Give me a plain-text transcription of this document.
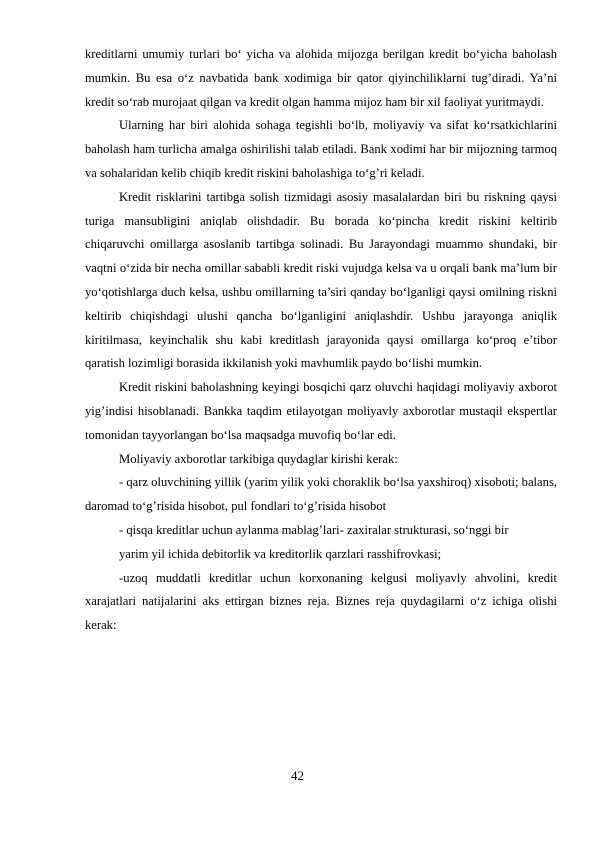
kreditlarni umumiy turlari bo‘ yicha va alohida mijozga berilgan kredit bo‘yicha baholash mumkin. Bu esa o‘z navbatida bank xodimiga bir qator qiyinchiliklarni tug’diradi. Ya’ni kredit so‘rab murojaat qilgan va kredit olgan hamma mijoz ham bir xil faoliyat yuritmaydi.

Ularning har biri alohida sohaga tegishli bo‘lb, moliyaviy va sifat ko‘rsatkichlarini baholash ham turlicha amalga oshirilishi talab etiladi. Bank xodimi har bir mijozning tarmoq va sohalaridan kelib chiqib kredit riskini baholashiga to‘g’ri keladi.

Kredit risklarini tartibga solish tizmidagi asosiy masalalardan biri bu riskning qaysi turiga mansubligini aniqlab olishdadir. Bu borada ko‘pincha kredit riskini keltirib chiqaruvchi omillarga asoslanib tartibga solinadi. Bu Jarayondagi muammo shundaki, bir vaqtni o‘zida bir necha omillar sababli kredit riski vujudga kelsa va u orqali bank ma’lum bir yo‘qotishlarga duch kelsa, ushbu omillarning ta’siri qanday bo‘lganligi qaysi omilning riskni keltirib chiqishdagi ulushi qancha bo‘lganligini aniqlashdir. Ushbu jarayonga aniqlik kiritilmasa, keyinchalik shu kabi kreditlash jarayonida qaysi omillarga ko‘proq e’tibor qaratish lozimligi borasida ikkilanish yoki mavhumlik paydo bo‘lishi mumkin.

Kredit riskini baholashning keyingi bosqichi qarz oluvchi haqidagi moliyaviy axborot yig’indisi hisoblanadi. Bankka taqdim etilayotgan moliyavly axborotlar mustaqil ekspertlar tomonidan tayyorlangan bo‘lsa maqsadga muvofiq bo‘lar edi.

Moliyaviy axborotlar tarkibiga quydaglar kirishi kerak:

- qarz oluvchining yillik (yarim yilik yoki choraklik bo‘lsa yaxshiroq) xisoboti; balans, daromad to‘g’risida hisobot, pul fondlari to‘g’risida hisobot

- qisqa kreditlar uchun aylanma mablag’lari- zaxiralar strukturasi, so‘nggi bir

yarim yil ichida debitorlik va kreditorlik qarzlari rasshifrovkasi;

-uzoq muddatli kreditlar uchun korxonaning kelgusi moliyavly ahvolini, kredit xarajatlari natijalarini aks ettirgan biznes reja. Biznes reja quydagilarni o‘z ichiga olishi kerak:

42
